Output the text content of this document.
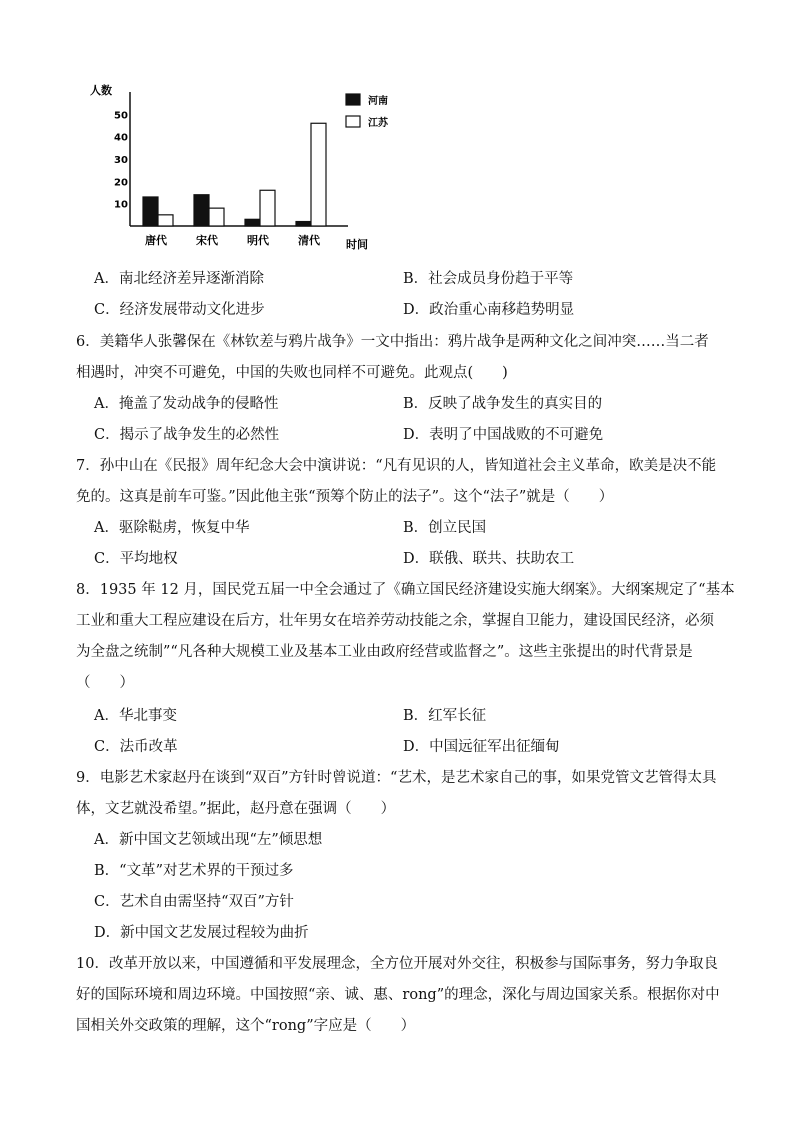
人数
时间
10
20
30
40
50
唐代	宋代	明代	清代
河南
江苏
A．南北经济差异逐渐消除	B．社会成员身份趋于平等
C．经济发展带动文化进步	D．政治重心南移趋势明显
6．美籍华人张馨保在《林钦差与鸦片战争》一文中指出：鸦片战争是两种文化之间冲突……当二者
相遇时，冲突不可避免，中国的失败也同样不可避免。此观点(　　)
A．掩盖了发动战争的侵略性	B．反映了战争发生的真实目的
C．揭示了战争发生的必然性	D．表明了中国战败的不可避免
7．孙中山在《民报》周年纪念大会中演讲说：“凡有见识的人，皆知道社会主义革命，欧美是决不能
免的。这真是前车可鉴。”因此他主张“预筹个防止的法子”。这个“法子”就是（　　）
A．驱除鞑虏，恢复中华	B．创立民国
C．平均地权	D．联俄、联共、扶助农工
8．1935 年 12 月，国民党五届一中全会通过了《确立国民经济建设实施大纲案》。大纲案规定了“基本
工业和重大工程应建设在后方，壮年男女在培养劳动技能之余，掌握自卫能力，建设国民经济，必须
为全盘之统制”“凡各种大规模工业及基本工业由政府经营或监督之”。这些主张提出的时代背景是
（　　）
A．华北事变	B．红军长征
C．法币改革	D．中国远征军出征缅甸
9．电影艺术家赵丹在谈到“双百”方针时曾说道：“艺术，是艺术家自己的事，如果党管文艺管得太具
体，文艺就没希望。”据此，赵丹意在强调（　　）
A．新中国文艺领域出现“左”倾思想
B．“文革”对艺术界的干预过多
C．艺术自由需坚持“双百”方针
D．新中国文艺发展过程较为曲折
10．改革开放以来，中国遵循和平发展理念，全方位开展对外交往，积极参与国际事务，努力争取良
好的国际环境和周边环境。中国按照“亲、诚、惠、rong”的理念，深化与周边国家关系。根据你对中
国相关外交政策的理解，这个“rong”字应是（　　）
